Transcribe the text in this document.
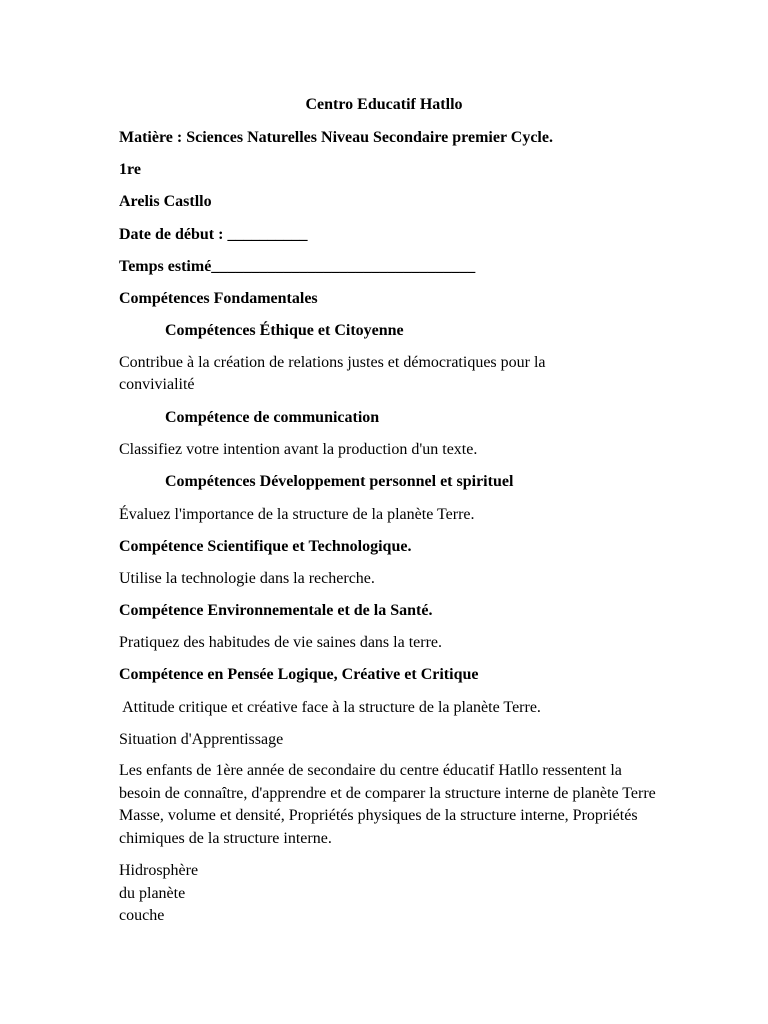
Centro Educatif Hatllo
Matière : Sciences Naturelles Niveau Secondaire premier Cycle.
1re
Arelis Castllo
Date de début : __________
Temps estimé_________________________________
Compétences Fondamentales
Compétences Éthique et Citoyenne
Contribue à la création de relations justes et démocratiques pour la convivialité
Compétence de communication
Classifiez votre intention avant la production d'un texte.
Compétences Développement personnel et spirituel
Évaluez l'importance de la structure de la planète Terre.
Compétence Scientifique et Technologique.
Utilise la technologie dans la recherche.
Compétence Environnementale et de la Santé.
Pratiquez des habitudes de vie saines dans la terre.
Compétence en Pensée Logique, Créative et Critique
Attitude critique et créative face à la structure de la planète Terre.
Situation d'Apprentissage
Les enfants de 1ère année de secondaire du centre éducatif Hatllo ressentent la besoin de connaître, d'apprendre et de comparer la structure interne de planète Terre Masse, volume et densité, Propriétés physiques de la structure interne, Propriétés chimiques de la structure interne.
Hidrosphère
du planète
couche
